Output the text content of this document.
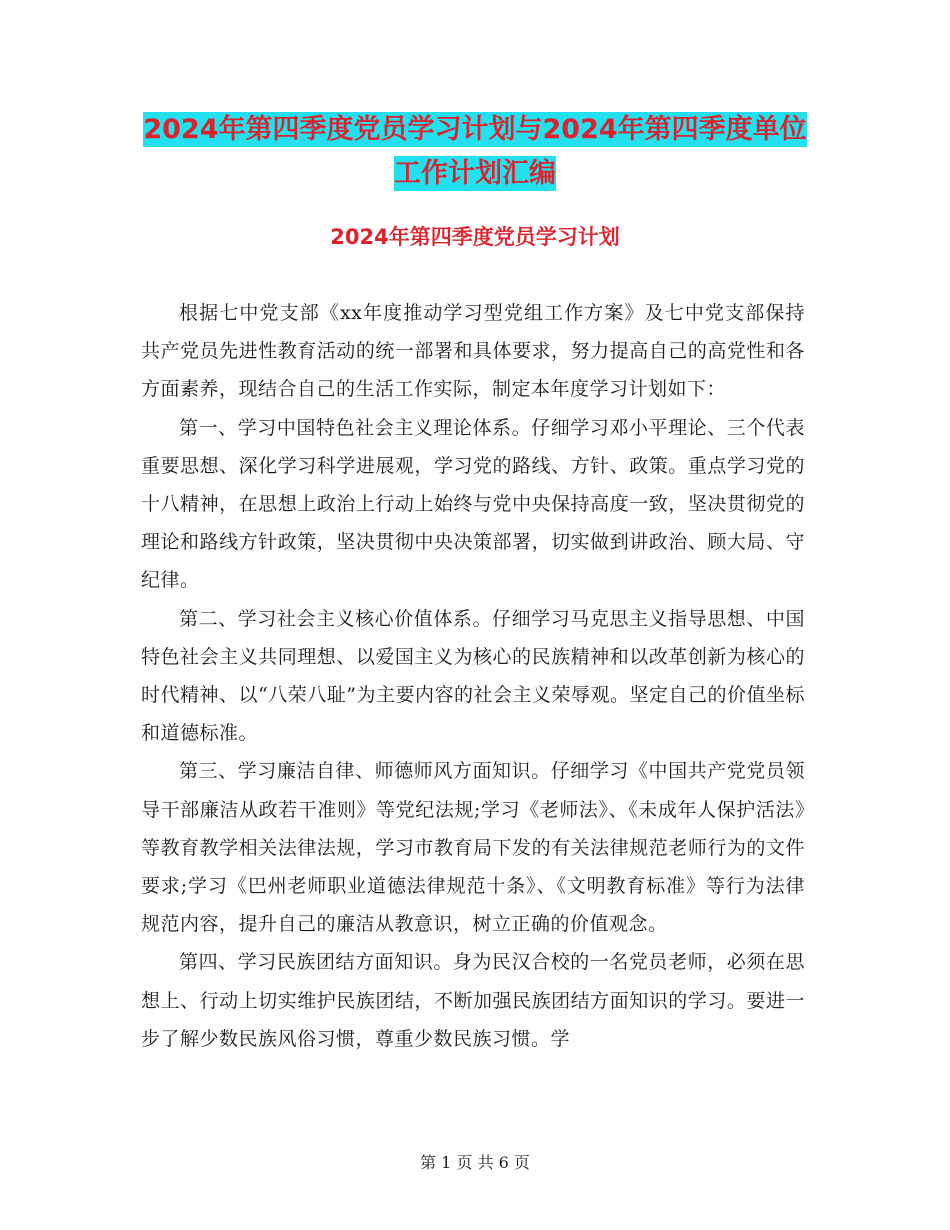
2024年第四季度党员学习计划与2024年第四季度单位
工作计划汇编
2024年第四季度党员学习计划

根据七中党支部《xx年度推动学习型党组工作方案》及七中党支部保持共产党员先进性教育活动的统一部署和具体要求，努力提高自己的高党性和各方面素养，现结合自己的生活工作实际，制定本年度学习计划如下：

第一、学习中国特色社会主义理论体系。仔细学习邓小平理论、三个代表重要思想、深化学习科学进展观，学习党的路线、方针、政策。重点学习党的十八精神，在思想上政治上行动上始终与党中央保持高度一致，坚决贯彻党的理论和路线方针政策，坚决贯彻中央决策部署，切实做到讲政治、顾大局、守纪律。

第二、学习社会主义核心价值体系。仔细学习马克思主义指导思想、中国特色社会主义共同理想、以爱国主义为核心的民族精神和以改革创新为核心的时代精神、以“八荣八耻”为主要内容的社会主义荣辱观。坚定自己的价值坐标和道德标准。

第三、学习廉洁自律、师德师风方面知识。仔细学习《中国共产党党员领导干部廉洁从政若干准则》等党纪法规;学习《老师法》、《未成年人保护活法》等教育教学相关法律法规，学习市教育局下发的有关法律规范老师行为的文件要求;学习《巴州老师职业道德法律规范十条》、《文明教育标准》等行为法律规范内容，提升自己的廉洁从教意识，树立正确的价值观念。

第四、学习民族团结方面知识。身为民汉合校的一名党员老师，必须在思想上、行动上切实维护民族团结，不断加强民族团结方面知识的学习。要进一步了解少数民族风俗习惯，尊重少数民族习惯。学

第 1 页 共 6 页
